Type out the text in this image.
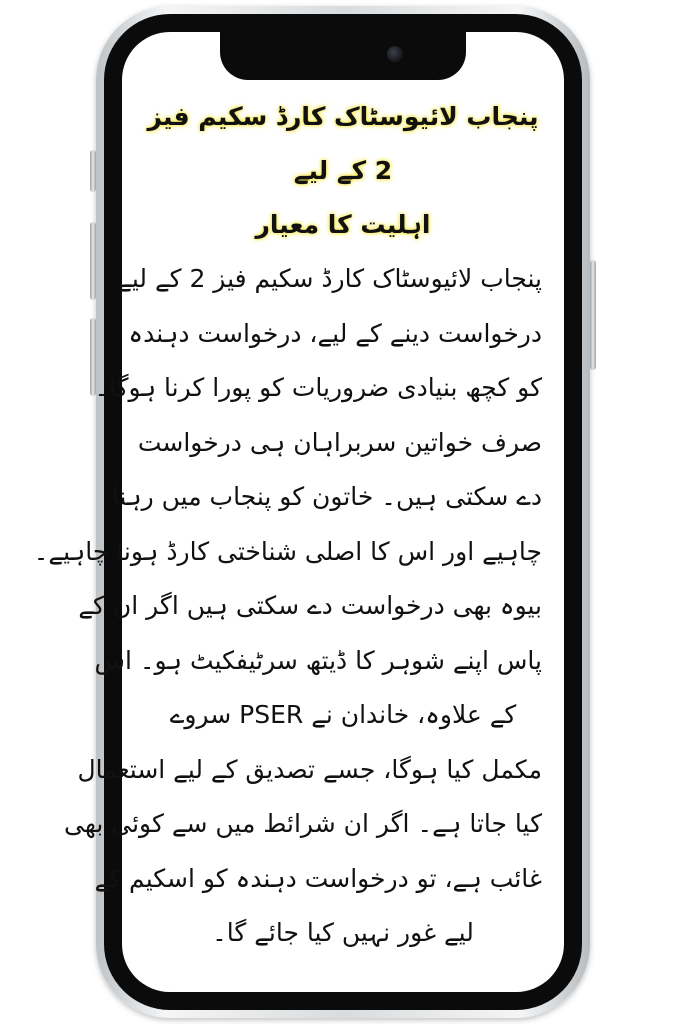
پنجاب لائیوسٹاک کارڈ سکیم فیز 2 کے لیے
اہلیت کا معیار

پنجاب لائیوسٹاک کارڈ سکیم فیز 2 کے لیے
درخواست دینے کے لیے، درخواست دہندہ
کو کچھ بنیادی ضروریات کو پورا کرنا ہوگا۔
صرف خواتین سربراہان ہی درخواست
دے سکتی ہیں۔ خاتون کو پنجاب میں رہنا
چاہیے اور اس کا اصلی شناختی کارڈ ہونا چاہیے۔
بیوہ بھی درخواست دے سکتی ہیں اگر ان کے
پاس اپنے شوہر کا ڈیتھ سرٹیفکیٹ ہو۔ اس
کے علاوہ، خاندان نے PSER سروے
مکمل کیا ہوگا، جسے تصدیق کے لیے استعمال
کیا جاتا ہے۔ اگر ان شرائط میں سے کوئی بھی
غائب ہے، تو درخواست دہندہ کو اسکیم کے
لیے غور نہیں کیا جائے گا۔
